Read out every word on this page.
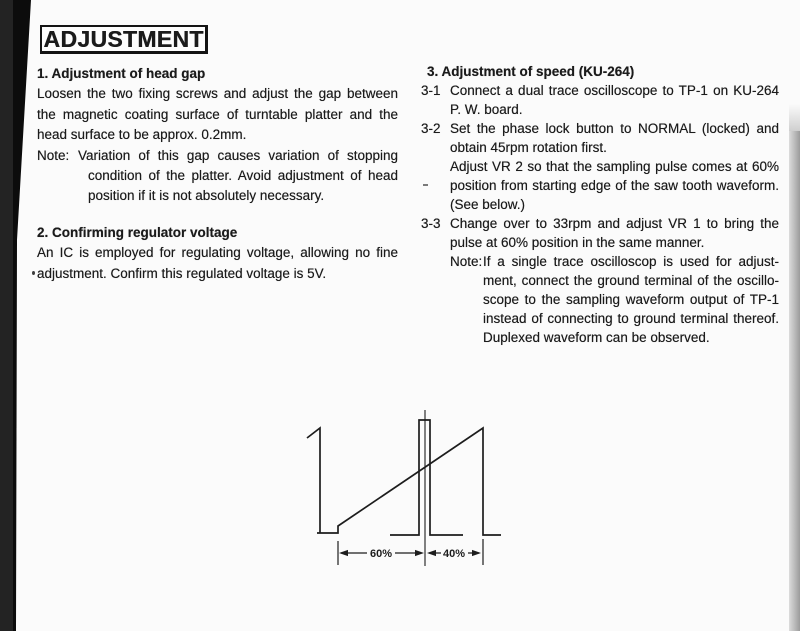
ADJUSTMENT
1. Adjustment of head gap
Loosen the two fixing screws and adjust the gap between
the magnetic coating surface of turntable platter and the
head surface to be approx. 0.2mm.
Note: Variation of this gap causes variation of stopping
condition of the platter. Avoid adjustment of head
position if it is not absolutely necessary.
2. Confirming regulator voltage
An IC is employed for regulating voltage, allowing no fine
adjustment. Confirm this regulated voltage is 5V.
3. Adjustment of speed (KU-264)
3-1 Connect a dual trace oscilloscope to TP-1 on KU-264
P. W. board.
3-2 Set the phase lock button to NORMAL (locked) and
obtain 45rpm rotation first.
Adjust VR 2 so that the sampling pulse comes at 60%
position from starting edge of the saw tooth waveform.
(See below.)
3-3 Change over to 33rpm and adjust VR 1 to bring the
pulse at 60% position in the same manner.
Note: If a single trace oscilloscop is used for adjust-
ment, connect the ground terminal of the oscillo-
scope to the sampling waveform output of TP-1
instead of connecting to ground terminal thereof.
Duplexed waveform can be observed.
60%	40%
